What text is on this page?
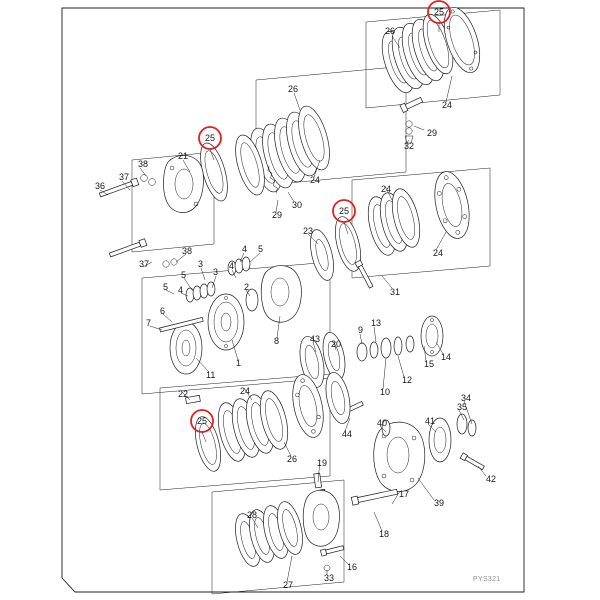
25
25
25
25
26
24
29
32
26
21
38
37
36
24
29
30
24
24
23
31
38
37
4 5
4
5
3
2
3
5 4
6
7
11
1
8
22
20
43
9
13
12
10
15
14
44
24
26 19
40	41
35
34
42
39
17
18
28
33
16
27
PYS321
